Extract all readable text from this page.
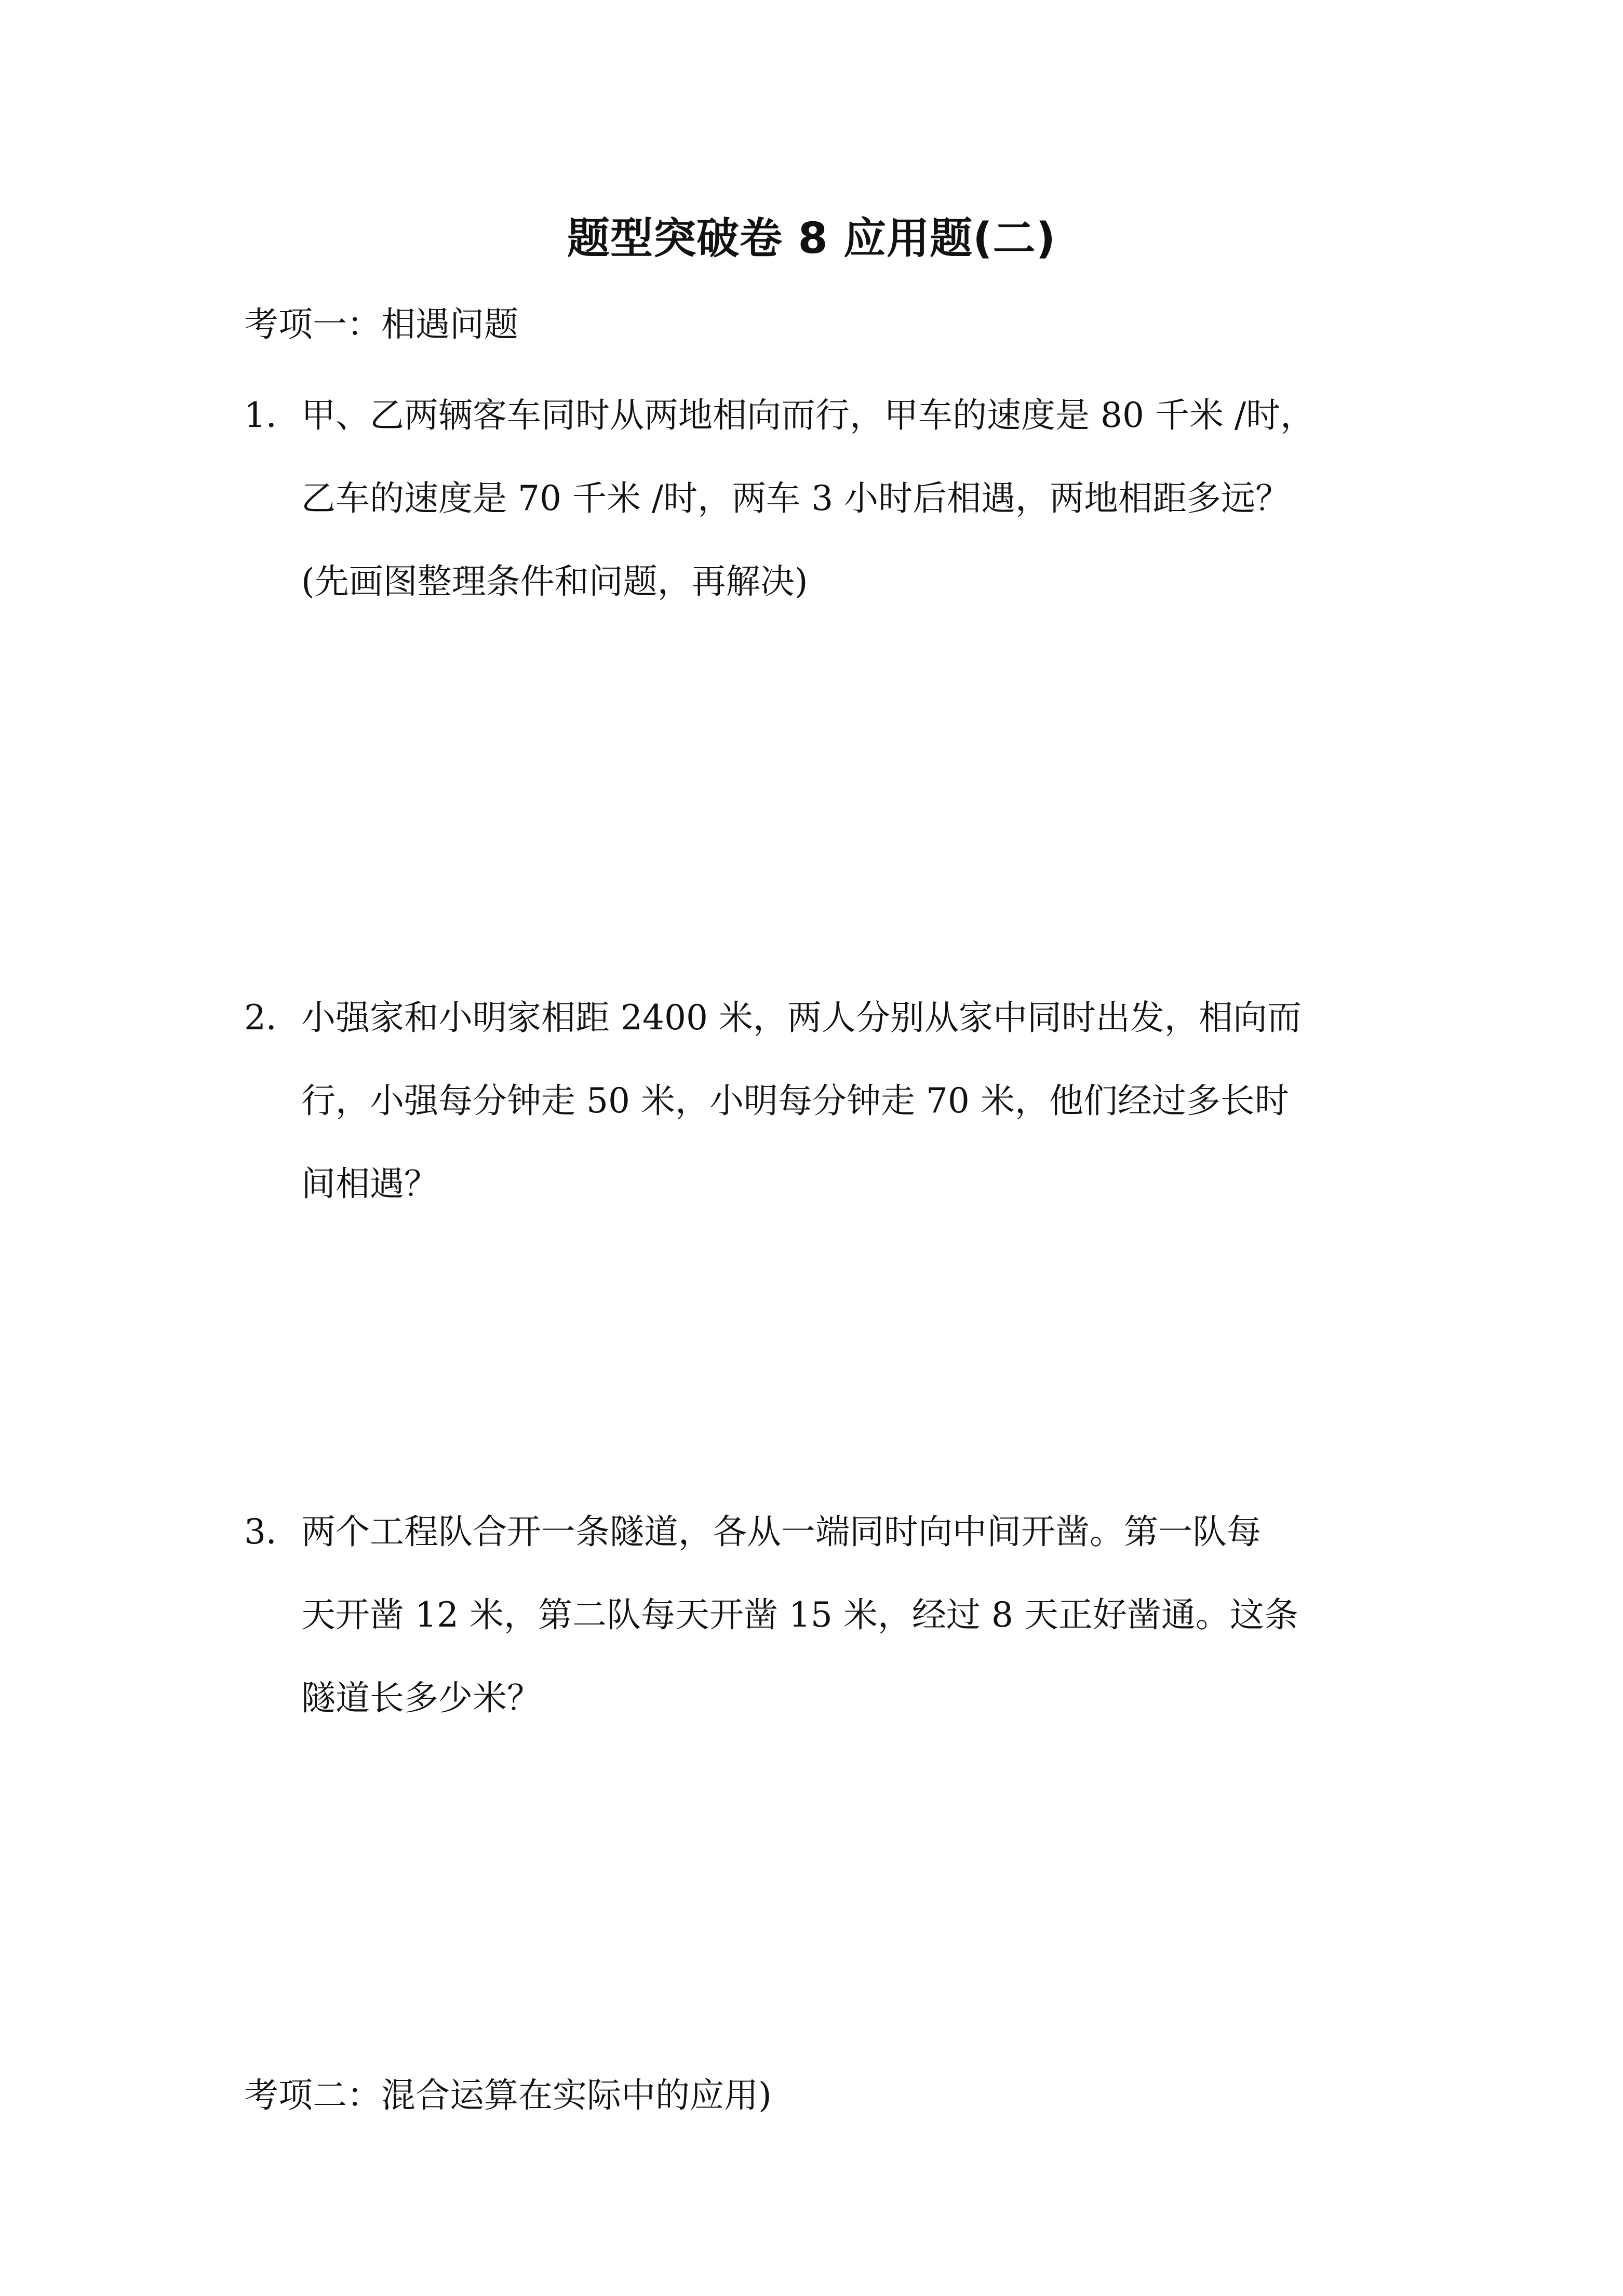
题型突破卷 8 应用题(二)
考项一：相遇问题
1． 甲、乙两辆客车同时从两地相向而行，甲车的速度是 80 千米 /时，
乙车的速度是 70 千米 /时，两车 3 小时后相遇，两地相距多远？
(先画图整理条件和问题，再解决)
2． 小强家和小明家相距 2400 米，两人分别从家中同时出发，相向而
行，小强每分钟走 50 米，小明每分钟走 70 米，他们经过多长时
间相遇？
3． 两个工程队合开一条隧道，各从一端同时向中间开凿。第一队每
天开凿 12 米，第二队每天开凿 15 米，经过 8 天正好凿通。这条
隧道长多少米？
考项二：混合运算在实际中的应用)
